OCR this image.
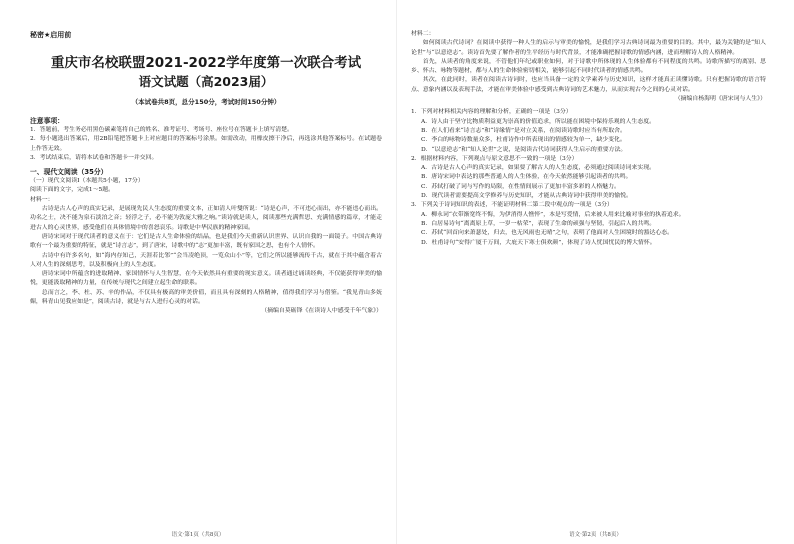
秘密★启用前

重庆市名校联盟2021-2022学年度第一次联合考试

语文试题（高2023届）

（本试卷共8页，总分150分，考试时间150分钟）

注意事项：

1．答题前，考生务必用黑色碳素笔将自己的姓名、准考证号、考场号、座位号在答题卡上填写清楚。

2．每小题选出答案后，用2B铅笔把答题卡上对应题目的答案标号涂黑。如需改动，用橡皮擦干净后，再选涂其他答案标号。在试题卷上作答无效。

3．考试结束后，请将本试卷和答题卡一并交回。

一、现代文阅读（35分）

（一）现代文阅读Ⅰ（本题共5小题，17分）

阅读下面的文字，完成1～5题。

材料一：

古诗是古人心声的真实记录，是展现先民人生态度的重要文本，正如清人叶燮所说：“诗是心声，不可违心而出，亦不能违心而出。功名之士，决不能为泉石淡泊之音；轻浮之子，必不能为敦庞大雅之响。”读诗就是读人，阅读那些充满哲思、充满情感的篇章，才能走进古人的心灵世界，感受他们在具体情境中的喜怒哀乐。诗歌是中华民族的精神家园。

唐诗宋词对于现代读者的意义在于：它们是古人生命体验的结晶，也是我们今天重新认识世界、认识自我的一面镜子。中国古典诗歌有一个最为重要的特征，就是“诗言志”，到了唐宋，诗歌中的“志”更加丰富，既有家国之思，也有个人情怀。

古诗中有许多名句，如“海内存知己，天涯若比邻”“会当凌绝顶，一览众山小”等，它们之所以能够流传千古，就在于其中蕴含着古人对人生的深刻思考，以及积极向上的人生态度。

唐诗宋词中所蕴含的进取精神、家国情怀与人生智慧，在今天依然具有重要的现实意义。读者通过诵读经典，不仅能获得审美的愉悦，更能汲取精神的力量，在传统与现代之间建立起生命的联系。

总而言之，李、杜、苏、辛的作品，不仅具有极高的审美价值，而且具有深刻的人格精神，值得我们学习与借鉴。“我见青山多妩媚，料青山见我应如是”，阅读古诗，就是与古人进行心灵的对话。

（摘编自莫砺锋《在读诗人中感受千年气象》）

语文·第1页（共8页）

材料二：

如何阅读古代诗词？在阅读中获得一种人生的启示与审美的愉悦，是我们学习古典诗词最为重要的目的。其中，最为关键的是“知人论世”与“以意逆志”。读诗首先要了解作者的生平经历与时代背景，才能准确把握诗歌的情感内涵，进而理解诗人的人格精神。

首先，从读者的角度来说，不管他们年纪或职业如何，对于诗歌中所体现的人生体验都有不同程度的共鸣。诗歌所描写的离别、思乡、怀古、咏物等题材，都与人的生命体验密切相关，能够引起不同时代读者的情感共鸣。

其次，在此同时，读者在阅读古诗词时，也应当具备一定的文学素养与历史知识，这样才能真正读懂诗歌。只有把握诗歌的语言特点、意象内涵以及表现手法，才能在审美体验中感受到古典诗词的艺术魅力，从而实现古今之间的心灵对话。

（摘编自杨海明《唐宋词与人生》）

1．下列对材料相关内容的理解和分析，正确的一项是（3分）

A．诗人由于坚守比物质利益更为崇高的价值追求，所以能在困境中保持乐观的人生态度。

B．在人们看来“诗言志”和“诗缘情”是对立关系，在阅读诗歌时应当有所取舍。

C．李白的咏物诗数量众多，杜甫诗作中所表现出的情感较为单一，缺少变化。

D．“以意逆志”和“知人论世”之说，是阅读古代诗词获得人生启示的重要方法。

2．根据材料内容，下列观点与原文意思不一致的一项是（3分）

A．古诗是古人心声的真实记录，如果要了解古人的人生态度，必须通过阅读诗词来实现。

B．唐诗宋词中表达的那些普通人的人生体验，在今天依然能够引起读者的共鸣。

C．苏轼打破了词与写作的局限，在性情间展示了更加丰富多彩的人格魅力。

D．现代读者需要提高文学修养与历史知识，才能从古典诗词中获得审美的愉悦。

3．下列关于诗词知识的表述，不能证明材料二第二段中观点的一项是（3分）

A．柳永词“衣带渐宽终不悔，为伊消得人憔悴”，本是写爱情，后来被人用来比喻对事业的执着追求。

B．白居易诗句“离离原上草，一岁一枯荣”，表现了生命的顽强与坚韧，引起后人的共鸣。

C．苏轼“回首向来萧瑟处，归去，也无风雨也无晴”之句，表明了他面对人生困境时的豁达心态。

D．杜甫诗句“安得广厦千万间，大庇天下寒士俱欢颜”，体现了诗人忧国忧民的博大情怀。

语文·第2页（共8页）
